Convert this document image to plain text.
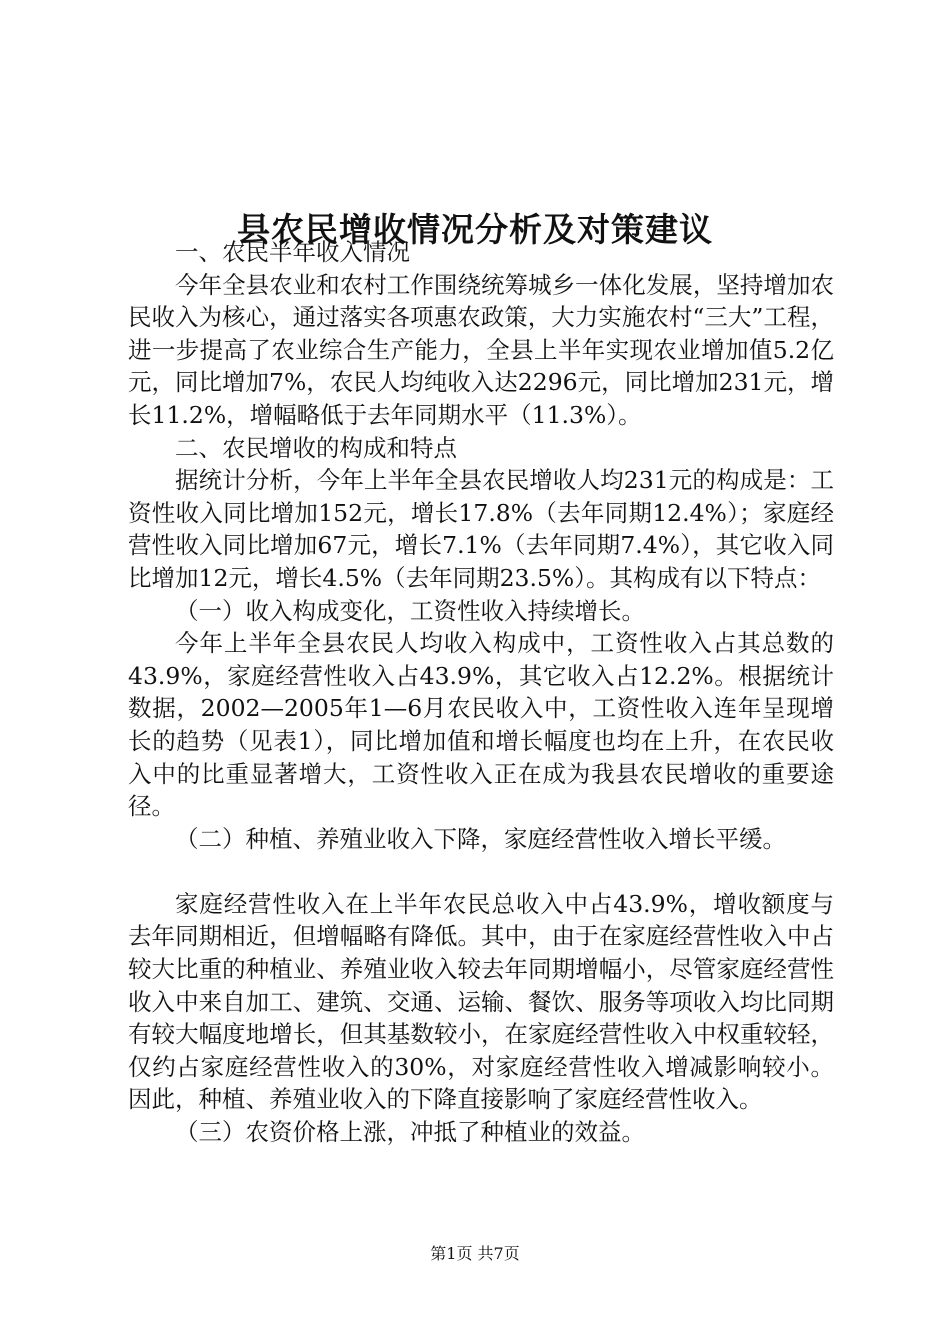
县农民增收情况分析及对策建议

一、农民半年收入情况

今年全县农业和农村工作围绕统筹城乡一体化发展，坚持增加农民收入为核心，通过落实各项惠农政策，大力实施农村“三大”工程，进一步提高了农业综合生产能力，全县上半年实现农业增加值5.2亿元，同比增加7%，农民人均纯收入达2296元，同比增加231元，增长11.2%，增幅略低于去年同期水平（11.3%）。

二、农民增收的构成和特点

据统计分析，今年上半年全县农民增收人均231元的构成是：工资性收入同比增加152元，增长17.8%（去年同期12.4%）；家庭经营性收入同比增加67元，增长7.1%（去年同期7.4%），其它收入同比增加12元，增长4.5%（去年同期23.5%）。其构成有以下特点：

（一）收入构成变化，工资性收入持续增长。

今年上半年全县农民人均收入构成中，工资性收入占其总数的43.9%，家庭经营性收入占43.9%，其它收入占12.2%。根据统计数据，2002—2005年1—6月农民收入中，工资性收入连年呈现增长的趋势（见表1），同比增加值和增长幅度也均在上升，在农民收入中的比重显著增大，工资性收入正在成为我县农民增收的重要途径。

（二）种植、养殖业收入下降，家庭经营性收入增长平缓。

家庭经营性收入在上半年农民总收入中占43.9%，增收额度与去年同期相近，但增幅略有降低。其中，由于在家庭经营性收入中占较大比重的种植业、养殖业收入较去年同期增幅小，尽管家庭经营性收入中来自加工、建筑、交通、运输、餐饮、服务等项收入均比同期有较大幅度地增长，但其基数较小，在家庭经营性收入中权重较轻，仅约占家庭经营性收入的30%，对家庭经营性收入增减影响较小。因此，种植、养殖业收入的下降直接影响了家庭经营性收入。

（三）农资价格上涨，冲抵了种植业的效益。

第1页 共7页
